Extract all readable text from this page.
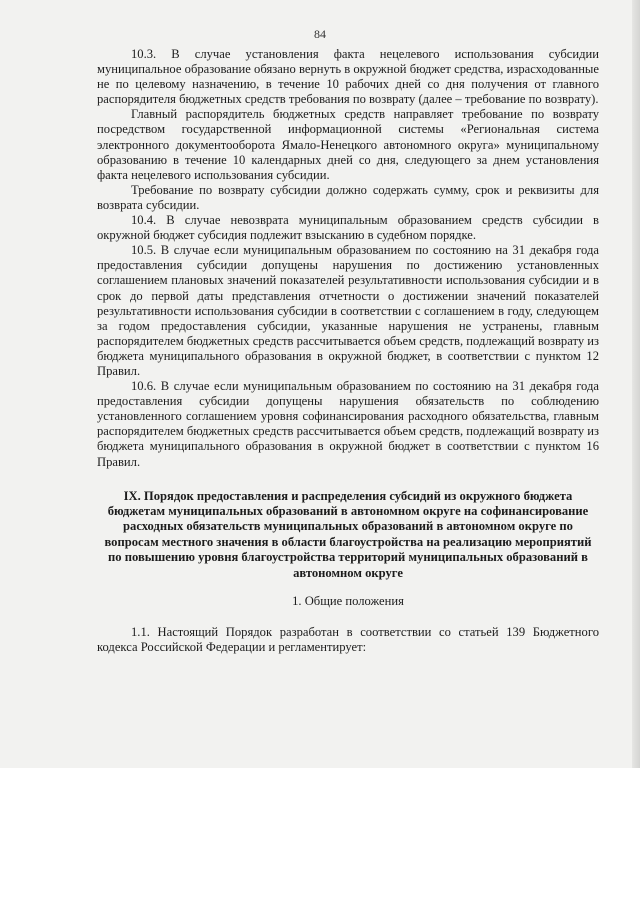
84

10.3. В случае установления факта нецелевого использования субсидии муниципальное образование обязано вернуть в окружной бюджет средства, израсходованные не по целевому назначению, в течение 10 рабочих дней со дня получения от главного распорядителя бюджетных средств требования по возврату (далее – требование по возврату).

Главный распорядитель бюджетных средств направляет требование по возврату посредством государственной информационной системы «Региональная система электронного документооборота Ямало-Ненецкого автономного округа» муниципальному образованию в течение 10 календарных дней со дня, следующего за днем установления факта нецелевого использования субсидии.

Требование по возврату субсидии должно содержать сумму, срок и реквизиты для возврата субсидии.

10.4. В случае невозврата муниципальным образованием средств субсидии в окружной бюджет субсидия подлежит взысканию в судебном порядке.

10.5. В случае если муниципальным образованием по состоянию на 31 декабря года предоставления субсидии допущены нарушения по достижению установленных соглашением плановых значений показателей результативности использования субсидии и в срок до первой даты представления отчетности о достижении значений показателей результативности использования субсидии в соответствии с соглашением в году, следующем за годом предоставления субсидии, указанные нарушения не устранены, главным распорядителем бюджетных средств рассчитывается объем средств, подлежащий возврату из бюджета муниципального образования в окружной бюджет, в соответствии с пунктом 12 Правил.

10.6. В случае если муниципальным образованием по состоянию на 31 декабря года предоставления субсидии допущены нарушения обязательств по соблюдению установленного соглашением уровня софинансирования расходного обязательства, главным распорядителем бюджетных средств рассчитывается объем средств, подлежащий возврату из бюджета муниципального образования в окружной бюджет в соответствии с пунктом 16 Правил.

IX. Порядок предоставления и распределения субсидий из окружного бюджета бюджетам муниципальных образований в автономном округе на софинансирование расходных обязательств муниципальных образований в автономном округе по вопросам местного значения в области благоустройства на реализацию мероприятий по повышению уровня благоустройства территорий муниципальных образований в автономном округе

1. Общие положения

1.1. Настоящий Порядок разработан в соответствии со статьей 139 Бюджетного кодекса Российской Федерации и регламентирует:
